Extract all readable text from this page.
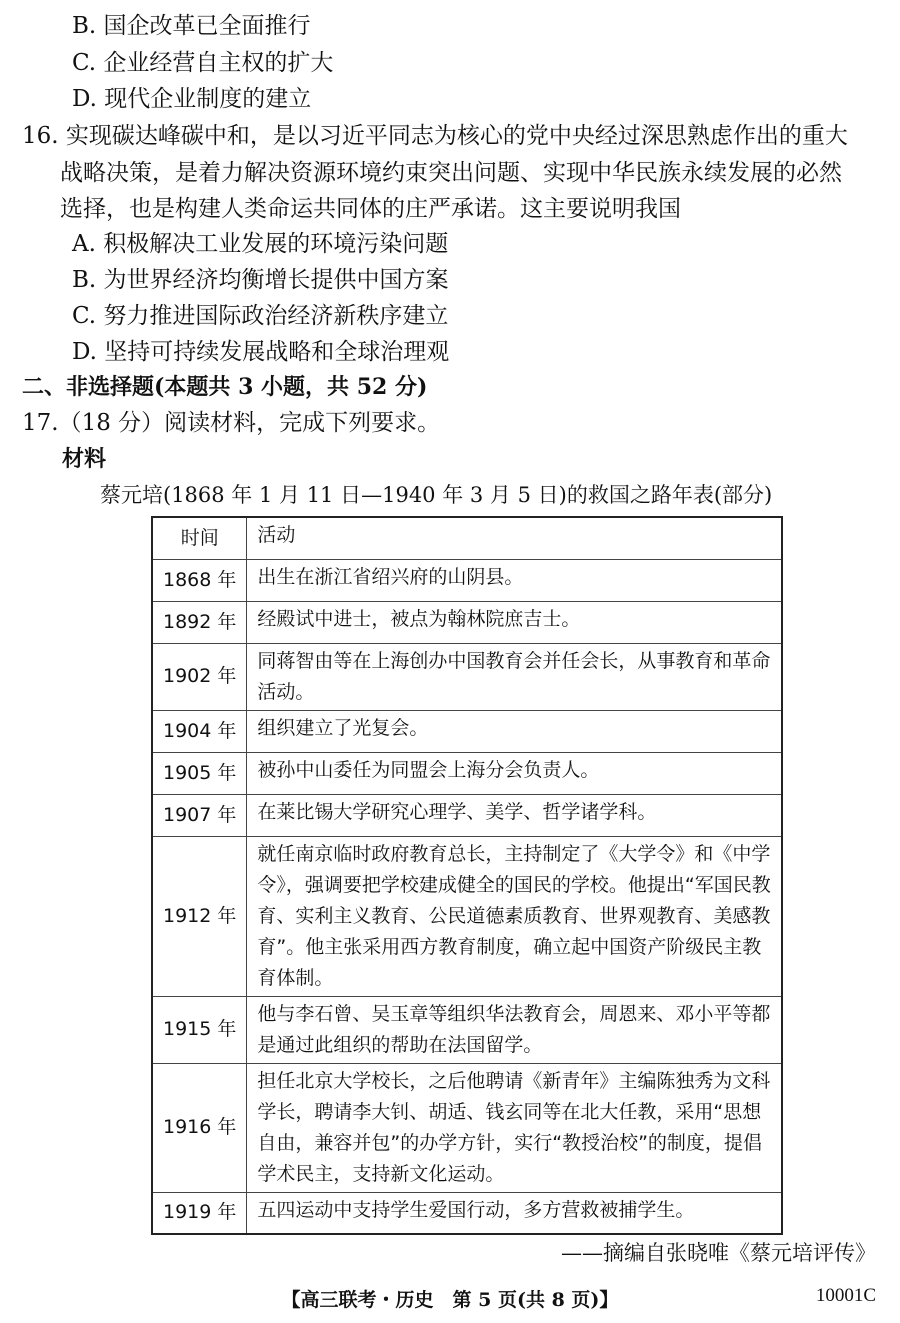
B. 国企改革已全面推行
C. 企业经营自主权的扩大
D. 现代企业制度的建立
16. 实现碳达峰碳中和，是以习近平同志为核心的党中央经过深思熟虑作出的重大
战略决策，是着力解决资源环境约束突出问题、实现中华民族永续发展的必然
选择，也是构建人类命运共同体的庄严承诺。这主要说明我国
A. 积极解决工业发展的环境污染问题
B. 为世界经济均衡增长提供中国方案
C. 努力推进国际政治经济新秩序建立
D. 坚持可持续发展战略和全球治理观
二、非选择题(本题共 3 小题，共 52 分)
17.（18 分）阅读材料，完成下列要求。
材料
蔡元培(1868 年 1 月 11 日—1940 年 3 月 5 日)的救国之路年表(部分)
时间	活动
1868 年	出生在浙江省绍兴府的山阴县。
1892 年	经殿试中进士，被点为翰林院庶吉士。
1902 年	同蒋智由等在上海创办中国教育会并任会长，从事教育和革命活动。
1904 年	组织建立了光复会。
1905 年	被孙中山委任为同盟会上海分会负责人。
1907 年	在莱比锡大学研究心理学、美学、哲学诸学科。
1912 年	就任南京临时政府教育总长，主持制定了《大学令》和《中学令》，强调要把学校建成健全的国民的学校。他提出“军国民教育、实利主义教育、公民道德素质教育、世界观教育、美感教育”。他主张采用西方教育制度，确立起中国资产阶级民主教育体制。
1915 年	他与李石曾、吴玉章等组织华法教育会，周恩来、邓小平等都是通过此组织的帮助在法国留学。
1916 年	担任北京大学校长，之后他聘请《新青年》主编陈独秀为文科学长，聘请李大钊、胡适、钱玄同等在北大任教，采用“思想自由，兼容并包”的办学方针，实行“教授治校”的制度，提倡学术民主，支持新文化运动。
1919 年	五四运动中支持学生爱国行动，多方营救被捕学生。
——摘编自张晓唯《蔡元培评传》
【高三联考・历史　第 5 页(共 8 页)】	10001C
